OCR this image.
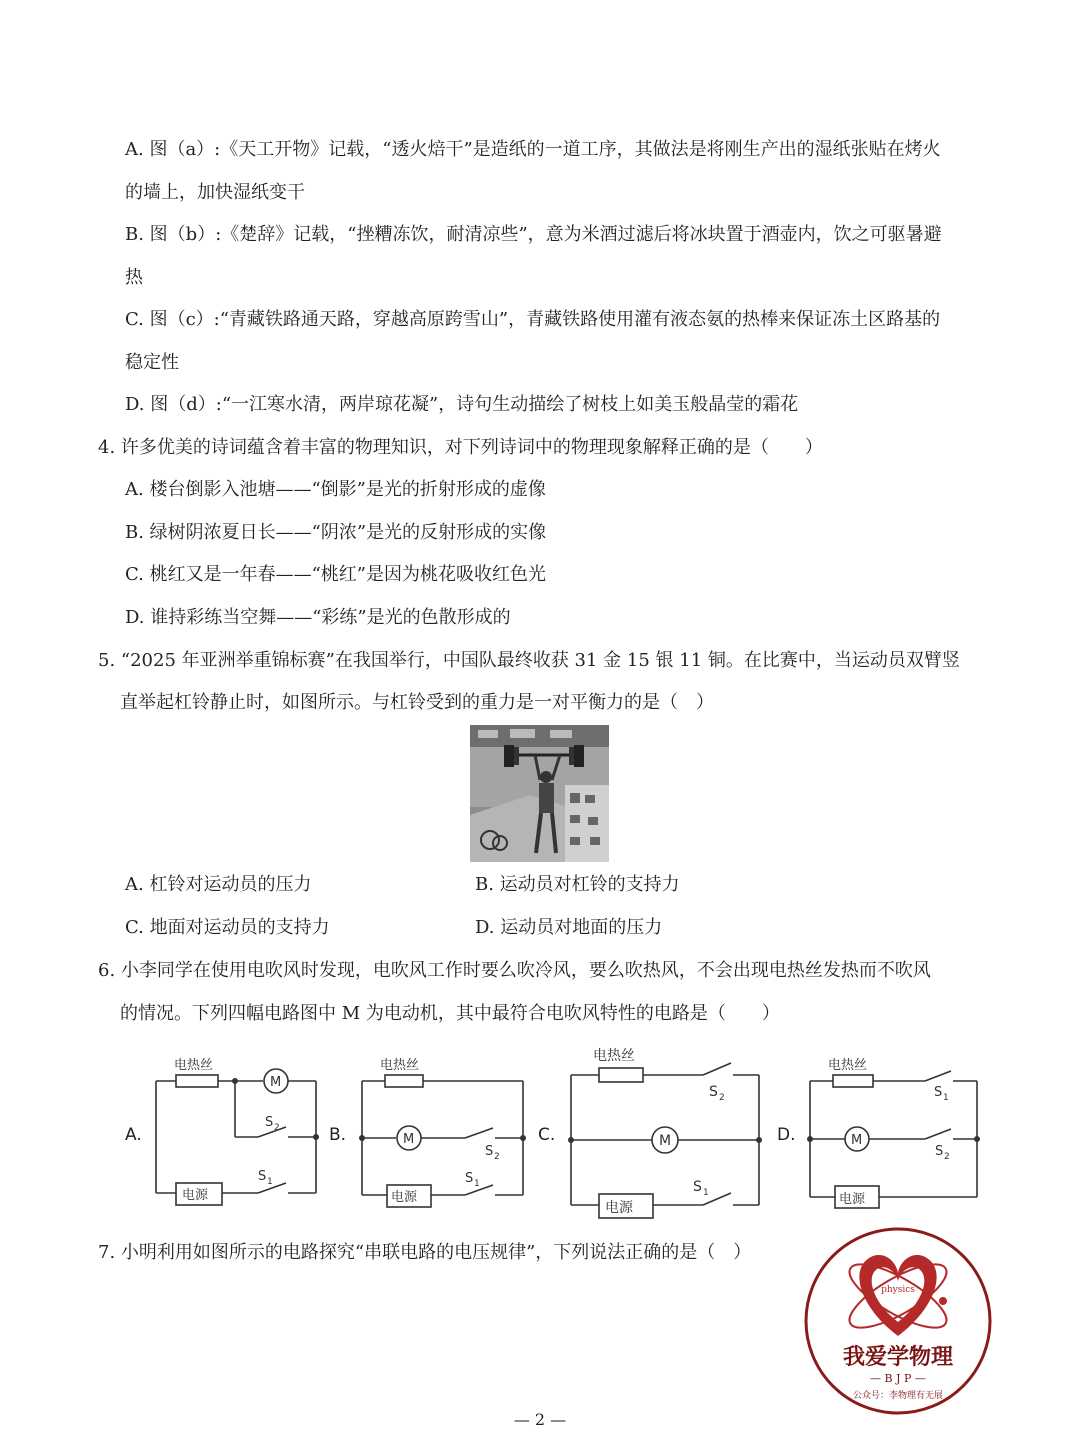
A. 图（a）:《天工开物》记载，“透火焙干”是造纸的一道工序，其做法是将刚生产出的湿纸张贴在烤火
的墙上，加快湿纸变干
B. 图（b）:《楚辞》记载，“挫糟冻饮，耐清凉些”，意为米酒过滤后将冰块置于酒壶内，饮之可驱暑避
热
C. 图（c）:“青藏铁路通天路，穿越高原跨雪山”，青藏铁路使用灌有液态氨的热棒来保证冻土区路基的
稳定性
D. 图（d）:“一江寒水清，两岸琼花凝”，诗句生动描绘了树枝上如美玉般晶莹的霜花
4. 许多优美的诗词蕴含着丰富的物理知识，对下列诗词中的物理现象解释正确的是（　　）
A. 楼台倒影入池塘——“倒影”是光的折射形成的虚像
B. 绿树阴浓夏日长——“阴浓”是光的反射形成的实像
C. 桃红又是一年春——“桃红”是因为桃花吸收红色光
D. 谁持彩练当空舞——“彩练”是光的色散形成的
5. “2025 年亚洲举重锦标赛”在我国举行，中国队最终收获 31 金 15 银 11 铜。在比赛中，当运动员双臂竖
直举起杠铃静止时，如图所示。与杠铃受到的重力是一对平衡力的是（　）
A. 杠铃对运动员的压力	B. 运动员对杠铃的支持力
C. 地面对运动员的支持力	D. 运动员对地面的压力
6. 小李同学在使用电吹风时发现，电吹风工作时要么吹冷风，要么吹热风，不会出现电热丝发热而不吹风
的情况。下列四幅电路图中 M 为电动机，其中最符合电吹风特性的电路是（　　）
电热丝
M
电源
S 2
S 1
A.
电热丝
M
电源
S 2
S 1
B.
电热丝
M
电源
S 2
S 1
C.
电热丝
M
电源
S 1
S 2
D.
7. 小明利用如图所示的电路探究“串联电路的电压规律”，下列说法正确的是（　）
physics
我爱学物理
— B J P —
公众号：李物理有无展
— 2 —
